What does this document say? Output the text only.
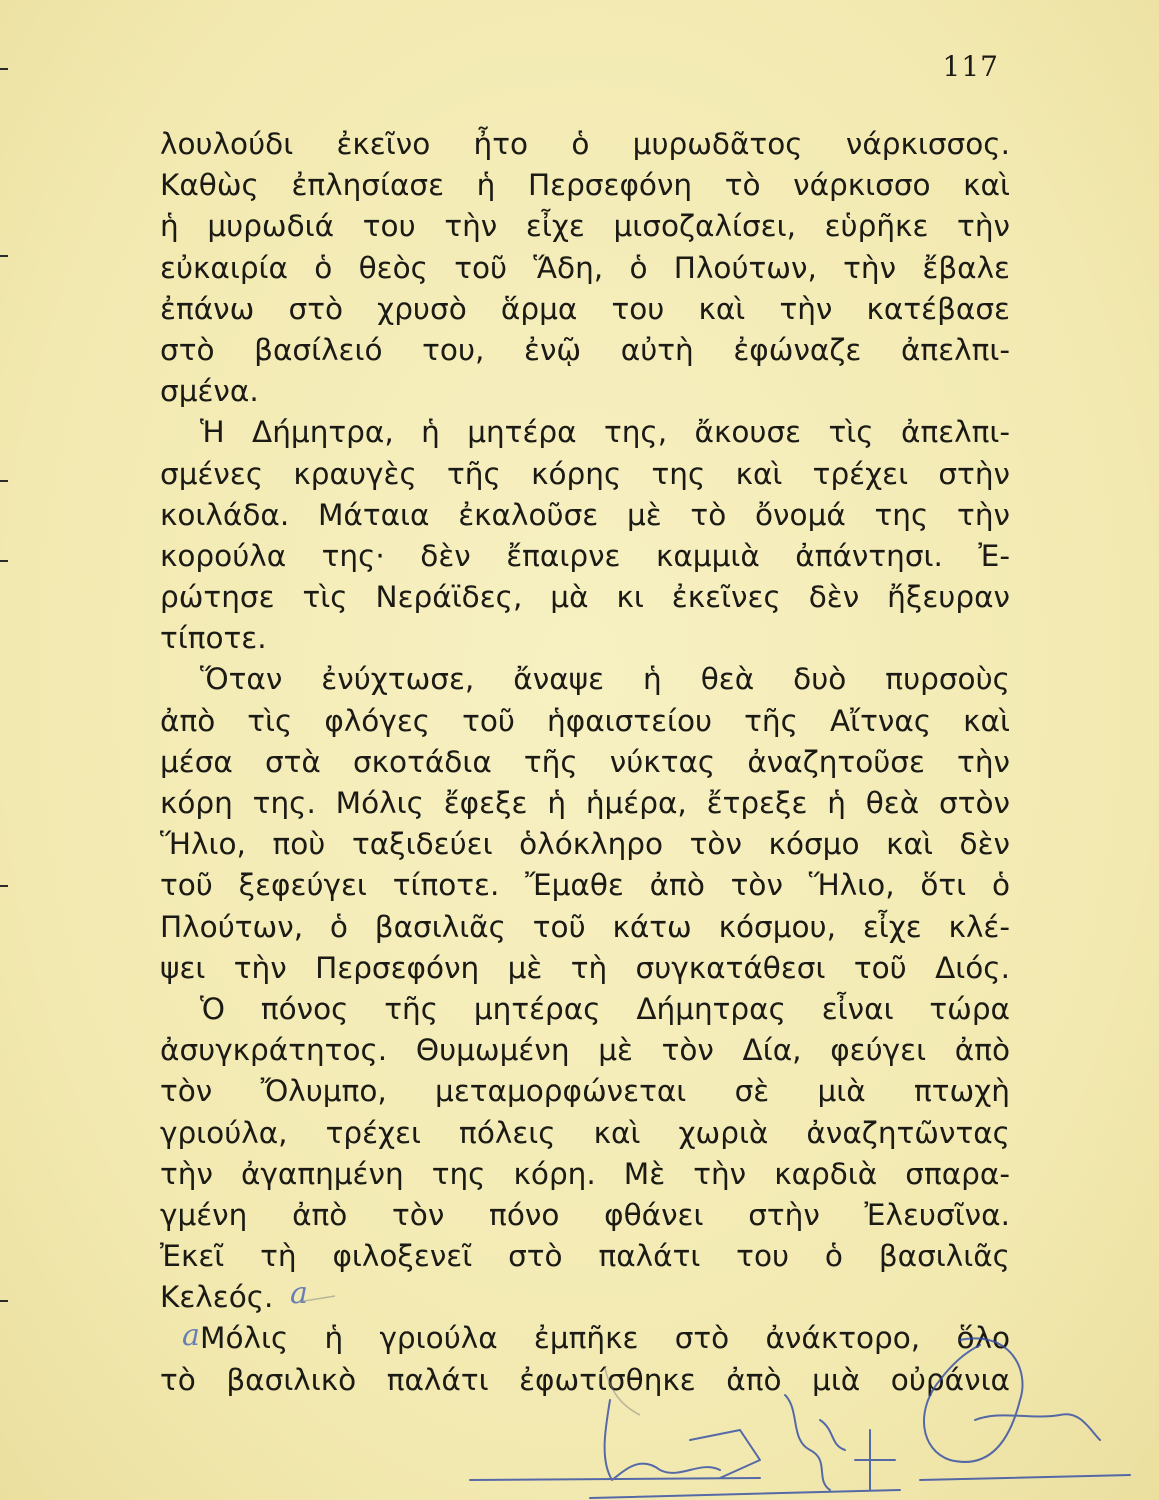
117
λουλούδι ἐκεῖνο ἦτο ὁ μυρωδᾶτος νάρκισσος.
Καθὼς ἐπλησίασε ἡ Περσεφόνη τὸ νάρκισσο καὶ
ἡ μυρωδιά του τὴν εἶχε μισοζαλίσει, εὑρῆκε τὴν
εὐκαιρία ὁ θεὸς τοῦ Ἅδη, ὁ Πλούτων, τὴν ἔβαλε
ἐπάνω στὸ χρυσὸ ἅρμα του καὶ τὴν κατέβασε
στὸ βασίλειό του, ἐνῷ αὐτὴ ἐφώναζε ἀπελπι-
σμένα.
Ἡ Δήμητρα, ἡ μητέρα της, ἄκουσε τὶς ἀπελπι-
σμένες κραυγὲς τῆς κόρης της καὶ τρέχει στὴν
κοιλάδα. Μάταια ἐκαλοῦσε μὲ τὸ ὄνομά της τὴν
κορούλα της· δὲν ἔπαιρνε καμμιὰ ἀπάντησι. Ἐ-
ρώτησε τὶς Νεράϊδες, μὰ κι ἐκεῖνες δὲν ἤξευραν
τίποτε.
Ὅταν ἐνύχτωσε, ἄναψε ἡ θεὰ δυὸ πυρσοὺς
ἀπὸ τὶς φλόγες τοῦ ἡφαιστείου τῆς Αἴτνας καὶ
μέσα στὰ σκοτάδια τῆς νύκτας ἀναζητοῦσε τὴν
κόρη της. Μόλις ἔφεξε ἡ ἡμέρα, ἔτρεξε ἡ θεὰ στὸν
Ἥλιο, ποὺ ταξιδεύει ὁλόκληρο τὸν κόσμο καὶ δὲν
τοῦ ξεφεύγει τίποτε. Ἔμαθε ἀπὸ τὸν Ἥλιο, ὅτι ὁ
Πλούτων, ὁ βασιλιᾶς τοῦ κάτω κόσμου, εἶχε κλέ-
ψει τὴν Περσεφόνη μὲ τὴ συγκατάθεσι τοῦ Διός.
Ὁ πόνος τῆς μητέρας Δήμητρας εἶναι τώρα
ἀσυγκράτητος. Θυμωμένη μὲ τὸν Δία, φεύγει ἀπὸ
τὸν Ὄλυμπο, μεταμορφώνεται σὲ μιὰ πτωχὴ
γριούλα, τρέχει πόλεις καὶ χωριὰ ἀναζητῶντας
τὴν ἀγαπημένη της κόρη. Μὲ τὴν καρδιὰ σπαρα-
γμένη ἀπὸ τὸν πόνο φθάνει στὴν Ἐλευσῖνα.
Ἐκεῖ τὴ φιλοξενεῖ στὸ παλάτι του ὁ βασιλιᾶς
Κελεός.
Μόλις ἡ γριούλα ἐμπῆκε στὸ ἀνάκτορο, ὅλο
τὸ βασιλικὸ παλάτι ἐφωτίσθηκε ἀπὸ μιὰ οὐράνια
a
a
